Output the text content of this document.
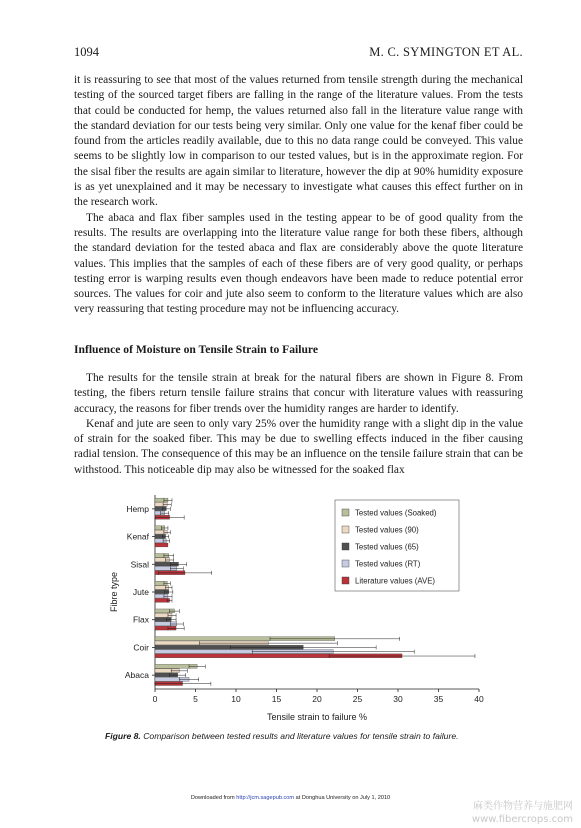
1094	M. C. SYMINGTON ET AL.

it is reassuring to see that most of the values returned from tensile strength during the mechanical testing of the sourced target fibers are falling in the range of the literature values. From the tests that could be conducted for hemp, the values returned also fall in the literature value range with the standard deviation for our tests being very similar. Only one value for the kenaf fiber could be found from the articles readily available, due to this no data range could be conveyed. This value seems to be slightly low in comparison to our tested values, but is in the approximate region. For the sisal fiber the results are again similar to literature, however the dip at 90% humidity exposure is as yet unexplained and it may be necessary to investigate what causes this effect further on in the research work.

The abaca and flax fiber samples used in the testing appear to be of good quality from the results. The results are overlapping into the literature value range for both these fibers, although the standard deviation for the tested abaca and flax are considerably above the quote literature values. This implies that the samples of each of these fibers are of very good quality, or perhaps testing error is warping results even though endeavors have been made to reduce potential error sources. The values for coir and jute also seem to conform to the literature values which are also very reassuring that testing procedure may not be influencing accuracy.

Influence of Moisture on Tensile Strain to Failure

The results for the tensile strain at break for the natural fibers are shown in Figure 8. From testing, the fibers return tensile failure strains that concur with literature values with reassuring accuracy, the reasons for fiber trends over the humidity ranges are harder to identify.

Kenaf and jute are seen to only vary 25% over the humidity range with a slight dip in the value of strain for the soaked fiber. This may be due to swelling effects induced in the fiber causing radial tension. The consequence of this may be an influence on the tensile failure strain that can be withstood. This noticeable dip may also be witnessed for the soaked flax

0	5	10	15	20	25	30	35	40
Hemp
Kenaf
Sisal
Jute
Flax
Coir
Abaca
Tensile strain to failure %
Fibre type
Tested values (Soaked)
Tested values (90)
Tested values (65)
Tested values (RT)
Literature values (AVE)
Figure 8. Comparison between tested results and literature values for tensile strain to failure.
Downloaded from http://jcm.sagepub.com at Donghua University on July 1, 2010
麻类作物营养与施肥网
www.fibercrops.com
